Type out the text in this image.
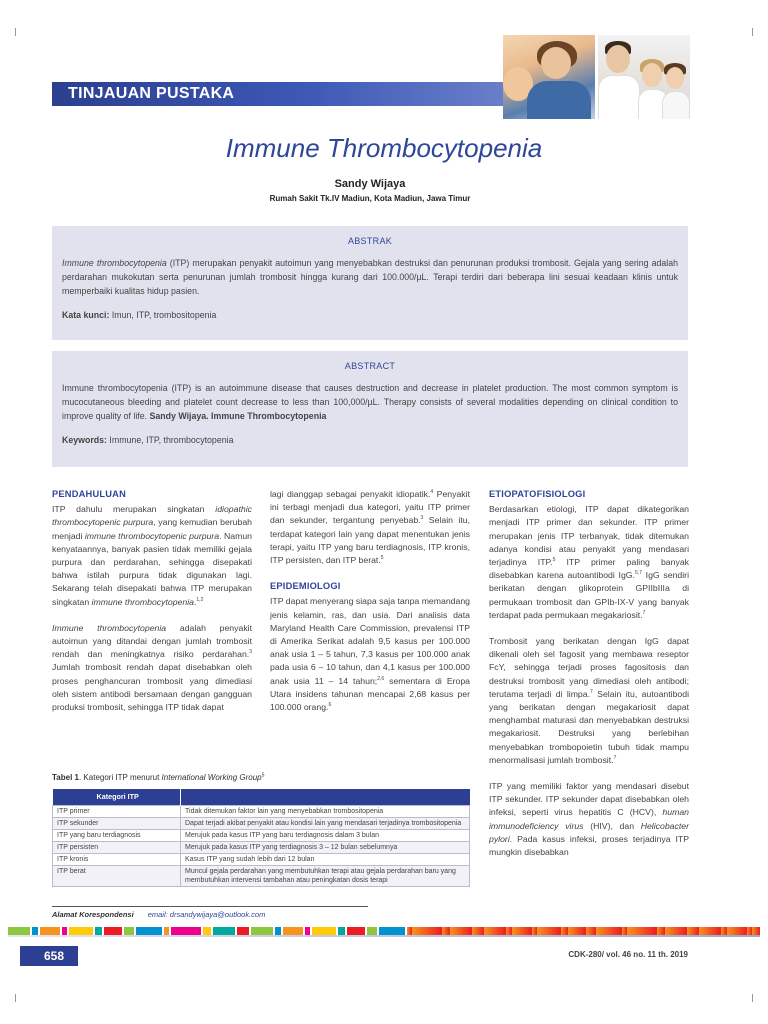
TINJAUAN PUSTAKA
Immune Thrombocytopenia
Sandy Wijaya
Rumah Sakit Tk.IV Madiun, Kota Madiun, Jawa Timur
ABSTRAK

Immune thrombocytopenia (ITP) merupakan penyakit autoimun yang menyebabkan destruksi dan penurunan produksi trombosit. Gejala yang sering adalah perdarahan mukokutan serta penurunan jumlah trombosit hingga kurang dari 100.000/µL. Terapi terdiri dari beberapa lini sesuai keadaan klinis untuk memperbaiki kualitas hidup pasien.

Kata kunci: Imun, ITP, trombositopenia

ABSTRACT

Immune thrombocytopenia (ITP) is an autoimmune disease that causes destruction and decrease in platelet production. The most common symptom is mucocutaneous bleeding and platelet count decrease to less than 100,000/µL. Therapy consists of several modalities depending on clinical condition to improve quality of life. Sandy Wijaya. Immune Thrombocytopenia

Keywords: Immune, ITP, thrombocytopenia

PENDAHULUAN

ITP dahulu merupakan singkatan idiopathic thrombocytopenic purpura, yang kemudian berubah menjadi immune thrombocytopenic purpura. Namun kenyataannya, banyak pasien tidak memiliki gejala purpura dan perdarahan, sehingga disepakati bahwa istilah purpura tidak digunakan lagi. Sekarang telah disepakati bahwa ITP merupakan singkatan immune thrombocytopenia.$^{1,2}$

Immune thrombocytopenia adalah penyakit autoimun yang ditandai dengan jumlah trombosit rendah dan meningkatnya risiko perdarahan.$^3$ Jumlah trombosit rendah dapat disebabkan oleh proses penghancuran trombosit yang dimediasi oleh sistem antibodi bersamaan dengan gangguan produksi trombosit, sehingga ITP tidak dapat

lagi dianggap sebagai penyakit idiopatik.$^4$ Penyakit ini terbagi menjadi dua kategori, yaitu ITP primer dan sekunder, tergantung penyebab.$^3$ Selain itu, terdapat kategori lain yang dapat menentukan jenis terapi, yaitu ITP yang baru terdiagnosis, ITP kronis, ITP persisten, dan ITP berat.$^5$

EPIDEMIOLOGI

ITP dapat menyerang siapa saja tanpa memandang jenis kelamin, ras, dan usia. Dari analisis data Maryland Health Care Commission, prevalensi ITP di Amerika Serikat adalah 9,5 kasus per 100.000 anak usia 1 – 5 tahun, 7,3 kasus per 100.000 anak pada usia 6 – 10 tahun, dan 4,1 kasus per 100.000 anak usia 11 – 14 tahun;$^{2,6}$ sementara di Eropa Utara insidens tahunan mencapai 2,68 kasus per 100.000 orang.$^6$

ETIOPATOFISIOLOGI

Berdasarkan etiologi, ITP dapat dikategorikan menjadi ITP primer dan sekunder. ITP primer merupakan jenis ITP terbanyak, tidak ditemukan adanya kondisi atau penyakit yang mendasari terjadinya ITP.$^5$ ITP primer paling banyak disebabkan karena autoantibodi IgG.$^{5,7}$ IgG sendiri berikatan dengan glikoprotein GPIIbIIIa di permukaan trombosit dan GPIb-IX-V yang banyak terdapat pada permukaan megakariosit.$^7$

Trombosit yang berikatan dengan IgG dapat dikenali oleh sel fagosit yang membawa reseptor FcY, sehingga terjadi proses fagositosis dan destruksi trombosit yang dimediasi oleh antibodi; terutama terjadi di limpa.$^7$ Selain itu, autoantibodi yang berikatan dengan megakariosit dapat menghambat maturasi dan menyebabkan destruksi megakariosit. Destruksi yang berlebihan menyebabkan trombopoietin tubuh tidak mampu menormalisasi jumlah trombosit.$^7$

ITP yang memiliki faktor yang mendasari disebut ITP sekunder. ITP sekunder dapat disebabkan oleh infeksi, seperti virus hepatitis C (HCV), human immunodeficiency virus (HIV), dan Helicobacter pylori. Pada kasus infeksi, proses terjadinya ITP mungkin disebabkan

Tabel 1. Kategori ITP menurut International Working Group$^5$
Kategori ITP	
ITP primer	Tidak ditemukan faktor lain yang menyebabkan trombositopenia
ITP sekunder	Dapat terjadi akibat penyakit atau kondisi lain yang mendasari terjadinya trombositopenia
ITP yang baru terdiagnosis	Merujuk pada kasus ITP yang baru terdiagnosis dalam 3 bulan
ITP persisten	Merujuk pada kasus ITP yang terdiagnosis 3 – 12 bulan sebelumnya
ITP kronis	Kasus ITP yang sudah lebih dari 12 bulan
ITP berat	Muncul gejala perdarahan yang membutuhkan terapi atau gejala perdarahan baru yang membutuhkan intervensi tambahan atau peningkatan dosis terapi
Alamat Korespondensi email: drsandywijaya@outlook.com
658	CDK-280/ vol. 46 no. 11 th. 2019
